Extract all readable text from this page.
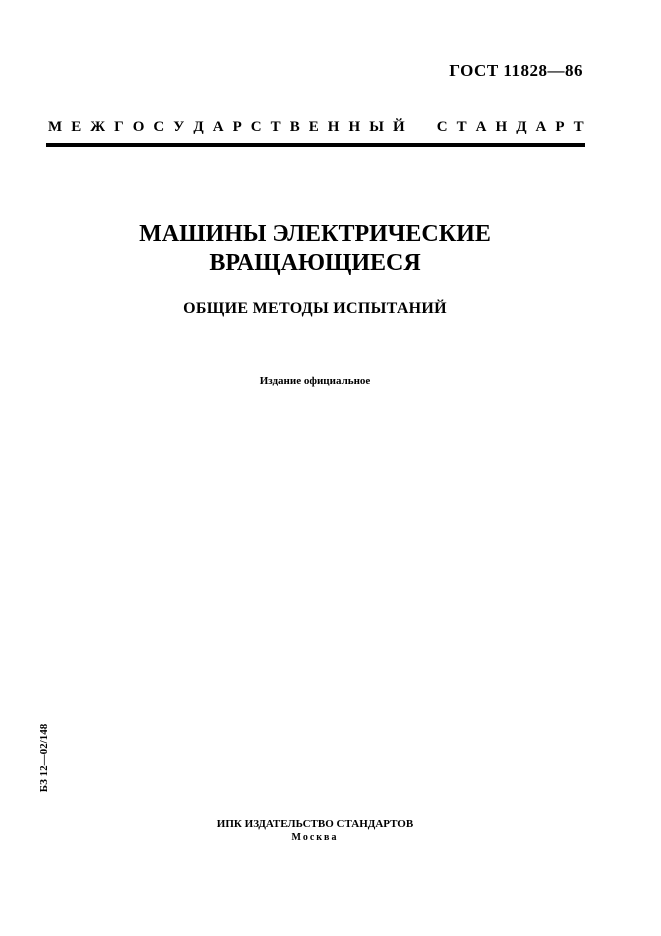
ГОСТ 11828—86
М Е Ж Г О С У Д А Р С Т В Е Н Н Ы Й С Т А Н Д А Р Т
МАШИНЫ ЭЛЕКТРИЧЕСКИЕ
ВРАЩАЮЩИЕСЯ
ОБЩИЕ МЕТОДЫ ИСПЫТАНИЙ
Издание официальное
БЗ 12—02/148
ИПК ИЗДАТЕЛЬСТВО СТАНДАРТОВ
Москва
